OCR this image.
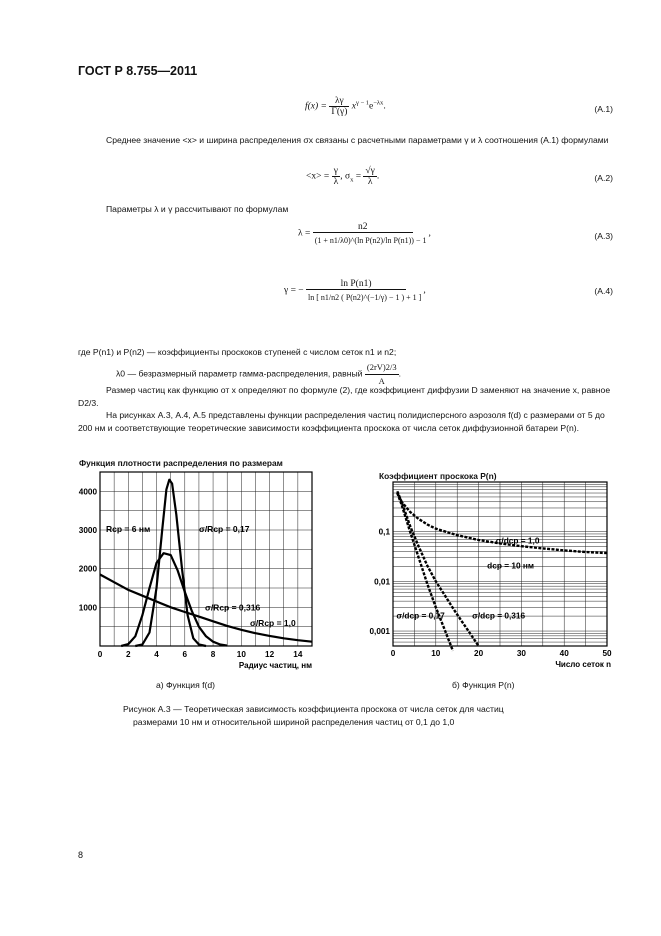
ГОСТ Р 8.755—2011
$f(x) = \frac{\lambda\gamma}{\Gamma(\gamma)} x^{\gamma - 1}e^{-\lambda x}$.	(А.1)
Среднее значение <x> и ширина распределения σx связаны с расчетными параметрами γ и λ соотношения (А.1) формулами
$<x> = \frac{\gamma}{\lambda}$ , $\sigma_x = \frac{√\gamma}{\lambda}$ .	(А.2)
Параметры λ и γ рассчитывают по формулам
$\lambda = \frac{n2}{\text{(1 + n1/λ0)\textasciicircum{}(ln P(n2)/ln P(n1)) − 1}}$ ,	(А.3)
γ = − $\frac{\text{ln P(n1)}}{\ln [ n1/n2 ( P(n2)\^{}(-1/\gamma) - 1 ) + 1 ]}$ ,	(А.4)
где P(n1) и P(n2) — коэффициенты проскоков ступеней с числом сеток n1 и n2;
λ0 — безразмерный параметр гамма-распределения, равный $\frac{(2rV)2/3}{A}$ .
Размер частиц как функцию от x определяют по формуле (2), где коэффициент диффузии D заменяют на значение x, равное D2/3.
На рисунках А.3, А.4, А.5 представлены функции распределения частиц полидисперсного аэрозоля f(d) с размерами от 5 до 200 нм и соответствующие теоретические зависимости коэффициента проскока от числа сеток диффузионной батареи P(n).
Функция плотности распределения по размерам
0	2	4	6	8	10 12 14
1000
2000
3000
4000
Радиус частиц, нм
Rср = 6 нм	σ/Rср = 0,17
σ/Rср = 0,316
σ/Rср = 1,0
а) Функция f(d)
Коэффициент проскока P(n)
0	10	20	30	40	50
0,001
0,01
0,1
Число сеток n
σ/dср = 1,0
dср = 10 нм
σ/dср = 0,17	σ/dср = 0,316
б) Функция P(n)
Рисунок А.3 — Теоретическая зависимость коэффициента проскока от числа сеток для частиц
размерами 10 нм и относительной шириной распределения частиц от 0,1 до 1,0
8
